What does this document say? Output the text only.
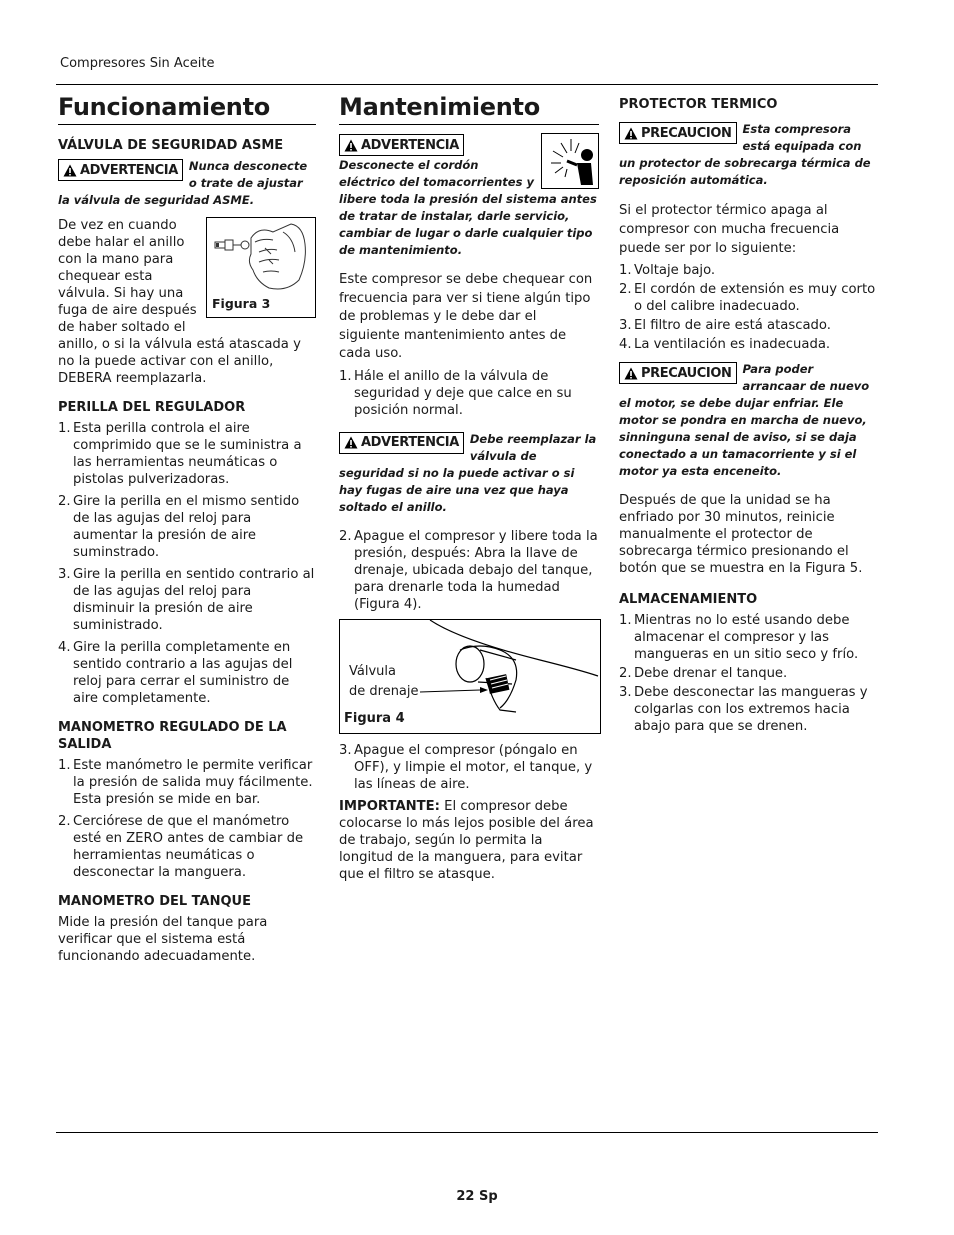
Compresores Sin Aceite
Funcionamiento
VÁLVULA DE SEGURIDAD ASME
ADVERTENCIA Nunca desconecte o trate de ajustar la válvula de seguridad ASME.
Figura 3

De vez en cuando debe halar el anillo con la mano para chequear esta válvula. Si hay una fuga de aire después de haber soltado el anillo, o si la válvula está atascada y no la puede activar con el anillo, DEBERA reemplazarla.

PERILLA DEL REGULADOR
1. Esta perilla controla el aire comprimido que se le suministra a las herramientas neumáticas o pistolas pulverizadoras.
2. Gire la perilla en el mismo sentido de las agujas del reloj para aumentar la presión de aire suminstrado.
3. Gire la perilla en sentido contrario al de las agujas del reloj para disminuir la presión de aire suministrado.
4. Gire la perilla completamente en sentido contrario a las agujas del reloj para cerrar el suministro de aire completamente.
MANOMETRO REGULADO DE LA SALIDA
1. Este manómetro le permite verificar la presión de salida muy fácilmente. Esta presión se mide en bar.
2. Cerciórese de que el manómetro esté en ZERO antes de cambiar de herramientas neumáticas o desconectar la manguera.
MANOMETRO DEL TANQUE

Mide la presión del tanque para verificar que el sistema está funcionando adecuadamente.

Mantenimiento
ADVERTENCIA
Desconecte el cordón eléctrico del tomacorrientes y libere toda la presión del sistema antes de tratar de instalar, darle servicio, cambiar de lugar o darle cualquier tipo de mantenimiento.

Este compresor se debe chequear con frecuencia para ver si tiene algún tipo de problemas y le debe dar el siguiente mantenimiento antes de cada uso.

1. Hále el anillo de la válvula de seguridad y deje que calce en su posición normal.
ADVERTENCIA Debe reemplazar la válvula de seguridad si no la puede activar o si hay fugas de aire una vez que haya soltado el anillo.
2. Apague el compresor y libere toda la presión, después: Abra la llave de drenaje, ubicada debajo del tanque, para drenarle toda la humedad (Figura 4).
Válvula
de drenaje
Figura 4
3. Apague el compresor (póngalo en OFF), y limpie el motor, el tanque, y las líneas de aire.

IMPORTANTE: El compresor debe colocarse lo más lejos posible del área de trabajo, según lo permita la longitud de la manguera, para evitar que el filtro se atasque.

PROTECTOR TERMICO
PRECAUCION Esta compresora está equipada con un protector de sobrecarga térmica de reposición automática.

Si el protector térmico apaga al compresor con mucha frecuencia puede ser por lo siguiente:

1. Voltaje bajo.
2. El cordón de extensión es muy corto o del calibre inadecuado.
3. El filtro de aire está atascado.
4. La ventilación es inadecuada.
PRECAUCION Para poder arrancaar de nuevo el motor, se debe dujar enfriar. Ele motor se pondra en marcha de nuevo, sinninguna senal de aviso, si se daja conectado a un tamacorriente y si el motor ya esta enceneito.

Después de que la unidad se ha enfriado por 30 minutos, reinicie manualmente el protector de sobrecarga térmico presionando el botón que se muestra en la Figura 5.

ALMACENAMIENTO
1. Mientras no lo esté usando debe almacenar el compresor y las mangueras en un sitio seco y frío.
2. Debe drenar el tanque.
3. Debe desconectar las mangueras y colgarlas con los extremos hacia abajo para que se drenen.
22 Sp
